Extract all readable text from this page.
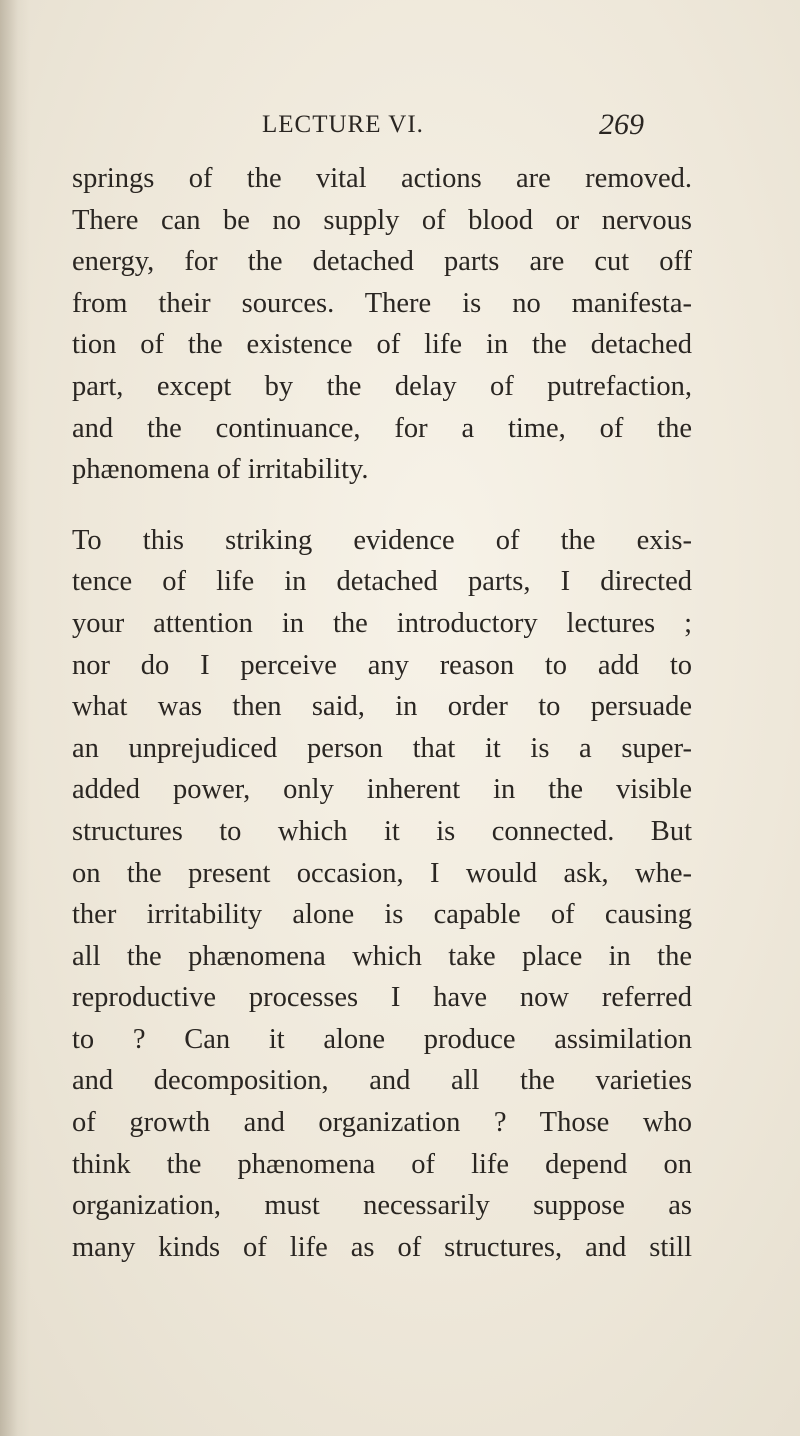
LECTURE VI.	269
springs of the vital actions are removed.
There can be no supply of blood or nervous
energy, for the detached parts are cut off
from their sources. There is no manifesta-
tion of the existence of life in the detached
part, except by the delay of putrefaction,
and the continuance, for a time, of the
phænomena of irritability.
To this striking evidence of the exis-
tence of life in detached parts, I directed
your attention in the introductory lectures ;
nor do I perceive any reason to add to
what was then said, in order to persuade
an unprejudiced person that it is a super-
added power, only inherent in the visible
structures to which it is connected. But
on the present occasion, I would ask, whe-
ther irritability alone is capable of causing
all the phænomena which take place in the
reproductive processes I have now referred
to ? Can it alone produce assimilation
and decomposition, and all the varieties
of growth and organization ? Those who
think the phænomena of life depend on
organization, must necessarily suppose as
many kinds of life as of structures, and still
